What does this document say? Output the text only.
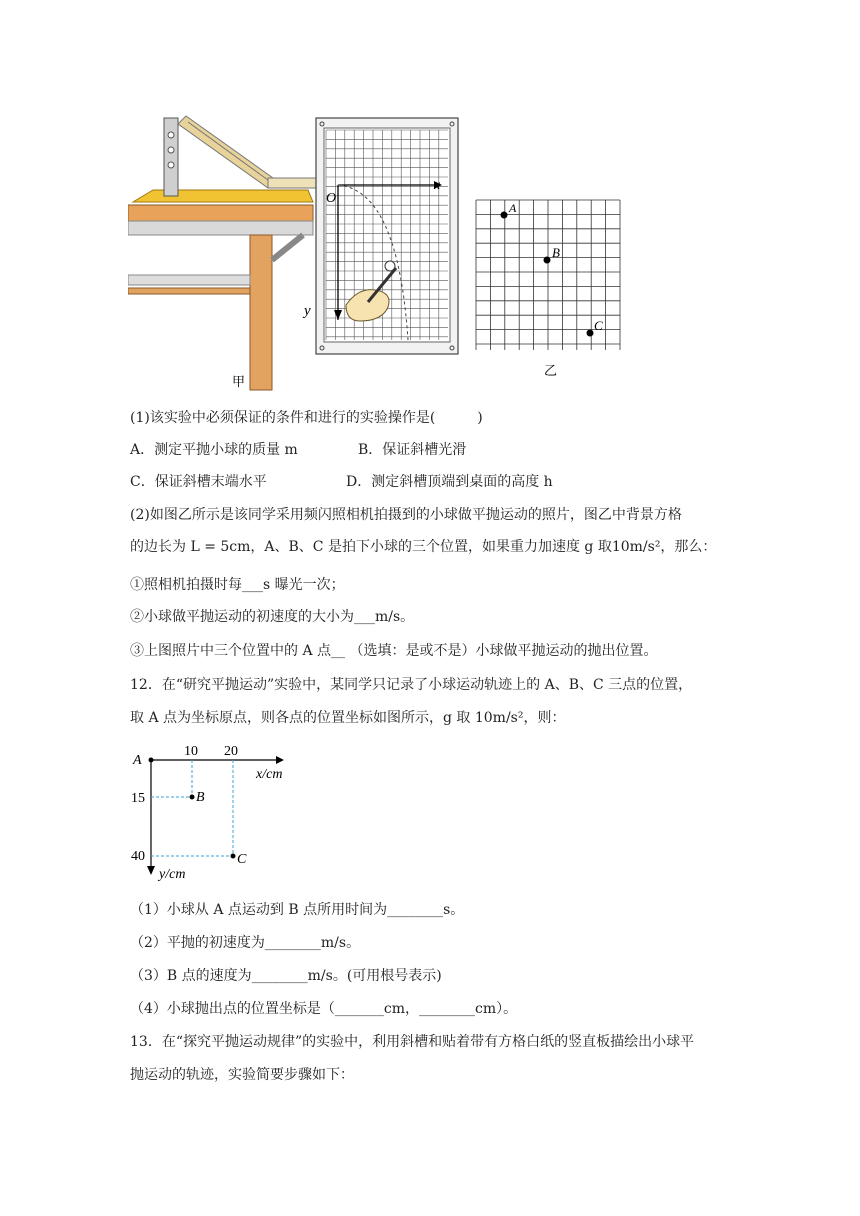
x
O
y
A
B
C
甲
乙
(1)该实验中必须保证的条件和进行的实验操作是(　　　)
A．测定平抛小球的质量 m	B．保证斜槽光滑
C．保证斜槽末端水平	D．测定斜槽顶端到桌面的高度 h
(2)如图乙所示是该同学采用频闪照相机拍摄到的小球做平抛运动的照片，图乙中背景方格
的边长为 L = 5cm，A、B、C 是拍下小球的三个位置，如果重力加速度 g 取10m/s²，那么：
①照相机拍摄时每___s 曝光一次；
②小球做平抛运动的初速度的大小为___m/s。
③上图照片中三个位置中的 A 点__ （选填：是或不是）小球做平抛运动的抛出位置。
12．在“研究平抛运动”实验中，某同学只记录了小球运动轨迹上的 A、B、C 三点的位置，
取 A 点为坐标原点，则各点的位置坐标如图所示，g 取 10m/s²，则：
A
10 20
x/cm
15
40
y/cm
B
C
（1）小球从 A 点运动到 B 点所用时间为________s。
（2）平抛的初速度为________m/s。
（3）B 点的速度为________m/s。(可用根号表示)
（4）小球抛出点的位置坐标是（_______cm，________cm）。
13．在“探究平抛运动规律”的实验中，利用斜槽和贴着带有方格白纸的竖直板描绘出小球平
抛运动的轨迹，实验简要步骤如下：
